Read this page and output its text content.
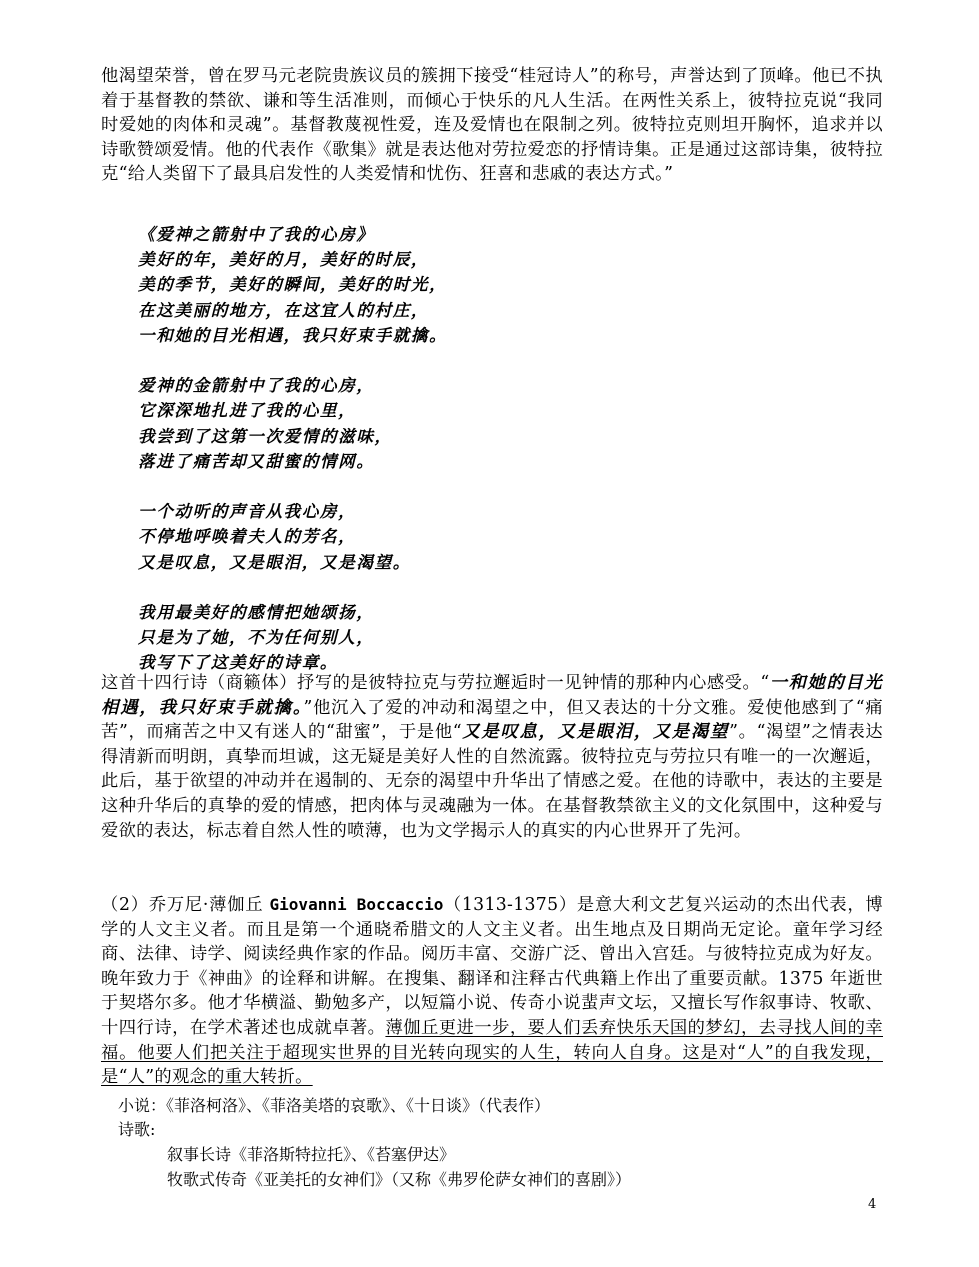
他渴望荣誉，曾在罗马元老院贵族议员的簇拥下接受“桂冠诗人”的称号，声誉达到了顶峰。他已不执着于基督教的禁欲、谦和等生活准则，而倾心于快乐的凡人生活。在两性关系上，彼特拉克说“我同时爱她的肉体和灵魂”。基督教蔑视性爱，连及爱情也在限制之列。彼特拉克则坦开胸怀，追求并以诗歌赞颂爱情。他的代表作《歌集》就是表达他对劳拉爱恋的抒情诗集。正是通过这部诗集，彼特拉克“给人类留下了最具启发性的人类爱情和忧伤、狂喜和悲戚的表达方式。”

《爱神之箭射中了我的心房》
美好的年，美好的月，美好的时辰，
美的季节，美好的瞬间，美好的时光，
在这美丽的地方，在这宜人的村庄，
一和她的目光相遇，我只好束手就擒。

爱神的金箭射中了我的心房，
它深深地扎进了我的心里，
我尝到了这第一次爱情的滋味，
落进了痛苦却又甜蜜的情网。

一个动听的声音从我心房，
不停地呼唤着夫人的芳名，
又是叹息，又是眼泪，又是渴望。

我用最美好的感情把她颂扬，
只是为了她，不为任何别人，
我写下了这美好的诗章。

这首十四行诗（商籁体）抒写的是彼特拉克与劳拉邂逅时一见钟情的那种内心感受。“一和她的目光相遇，我只好束手就擒。”他沉入了爱的冲动和渴望之中，但又表达的十分文雅。爱使他感到了“痛苦”，而痛苦之中又有迷人的“甜蜜”，于是他“又是叹息，又是眼泪，又是渴望”。“渴望”之情表达得清新而明朗，真挚而坦诚，这无疑是美好人性的自然流露。彼特拉克与劳拉只有唯一的一次邂逅，此后，基于欲望的冲动并在遏制的、无奈的渴望中升华出了情感之爱。在他的诗歌中，表达的主要是这种升华后的真挚的爱的情感，把肉体与灵魂融为一体。在基督教禁欲主义的文化氛围中，这种爱与爱欲的表达，标志着自然人性的喷薄，也为文学揭示人的真实的内心世界开了先河。

（2）乔万尼·薄伽丘 Giovanni Boccaccio（1313-1375）是意大利文艺复兴运动的杰出代表，博学的人文主义者。而且是第一个通晓希腊文的人文主义者。出生地点及日期尚无定论。童年学习经商、法律、诗学、阅读经典作家的作品。阅历丰富、交游广泛、曾出入宫廷。与彼特拉克成为好友。晚年致力于《神曲》的诠释和讲解。在搜集、翻译和注释古代典籍上作出了重要贡献。1375 年逝世于契塔尔多。他才华横溢、勤勉多产，以短篇小说、传奇小说蜚声文坛，又擅长写作叙事诗、牧歌、十四行诗，在学术著述也成就卓著。薄伽丘更进一步，要人们丢弃快乐天国的梦幻，去寻找人间的幸福。他要人们把关注于超现实世界的目光转向现实的人生，转向人自身。这是对“人”的自我发现，是“人”的观念的重大转折。

小说：《菲洛柯洛》、《菲洛美塔的哀歌》、《十日谈》（代表作）

诗歌:

叙事长诗《菲洛斯特拉托》、《苔塞伊达》

牧歌式传奇《亚美托的女神们》（又称《弗罗伦萨女神们的喜剧》）

4
